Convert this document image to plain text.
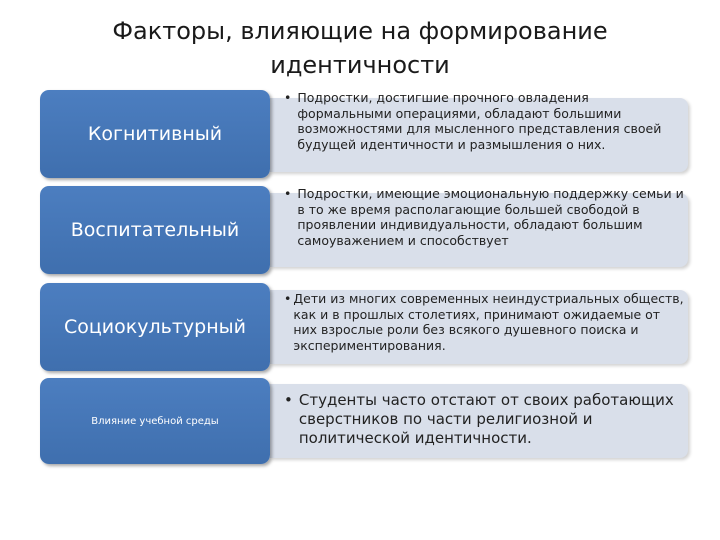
Факторы, влияющие на формирование
идентичности
• Подростки, достигшие прочного овладения формальными операциями, обладают большими возможностями для мысленного представления своей будущей идентичности и размышления о них.
Когнитивный
• Подростки, имеющие эмоциональную поддержку семьи и в то же время располагающие большей свободой в проявлении индивидуальности, обладают большим самоуважением и способствует
Воспитательный
• Дети из многих современных неиндустриальных обществ, как и в прошлых столетиях, принимают ожидаемые от них взрослые роли без всякого душевного поиска и экспериментирования.
Социокультурный
• Студенты часто отстают от своих работающих сверстников по части религиозной и политической идентичности.
Влияние учебной среды
